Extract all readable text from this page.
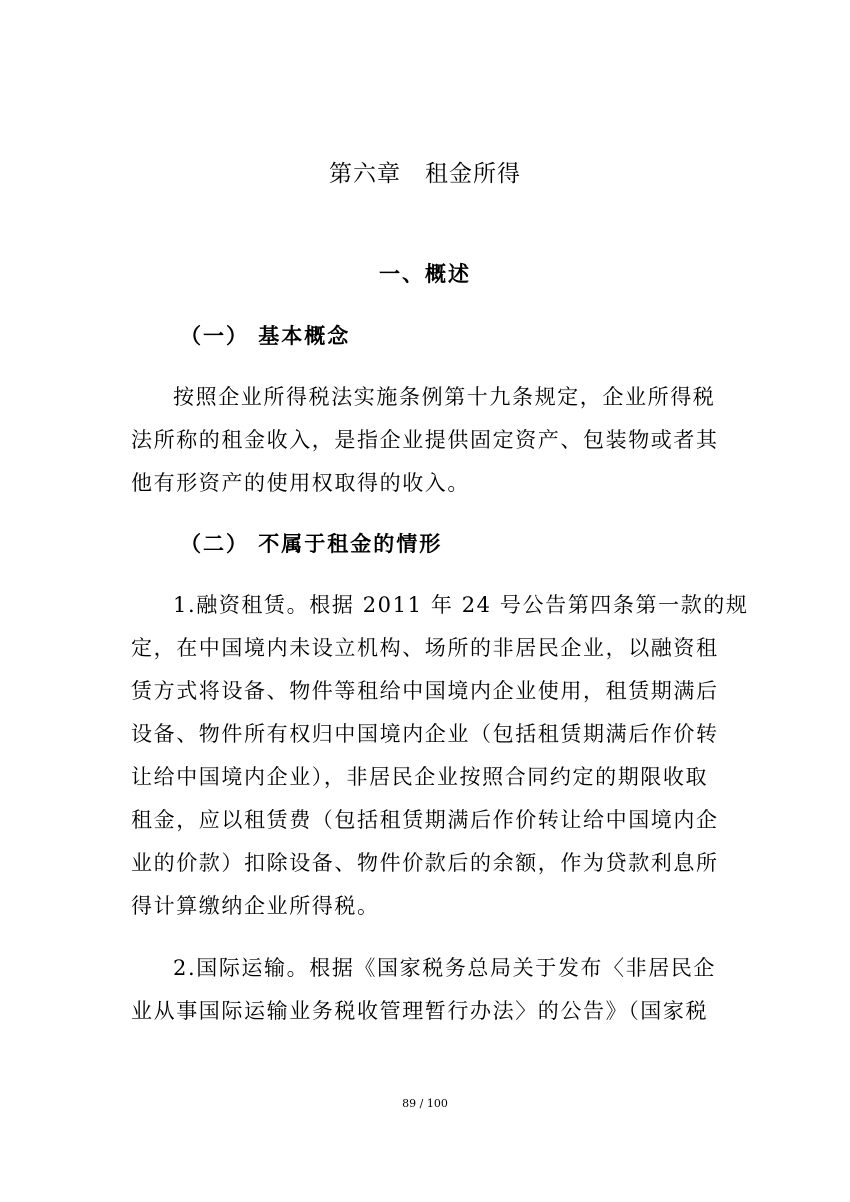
第六章　租金所得
一、概述
（一） 基本概念
按照企业所得税法实施条例第十九条规定，企业所得税
法所称的租金收入，是指企业提供固定资产、包装物或者其
他有形资产的使用权取得的收入。
（二） 不属于租金的情形
1.融资租赁。根据 2011 年 24 号公告第四条第一款的规
定，在中国境内未设立机构、场所的非居民企业，以融资租
赁方式将设备、物件等租给中国境内企业使用，租赁期满后
设备、物件所有权归中国境内企业（包括租赁期满后作价转
让给中国境内企业），非居民企业按照合同约定的期限收取
租金，应以租赁费（包括租赁期满后作价转让给中国境内企
业的价款）扣除设备、物件价款后的余额，作为贷款利息所
得计算缴纳企业所得税。
2.国际运输。根据《国家税务总局关于发布〈非居民企
业从事国际运输业务税收管理暂行办法〉的公告》（国家税
89 / 100
